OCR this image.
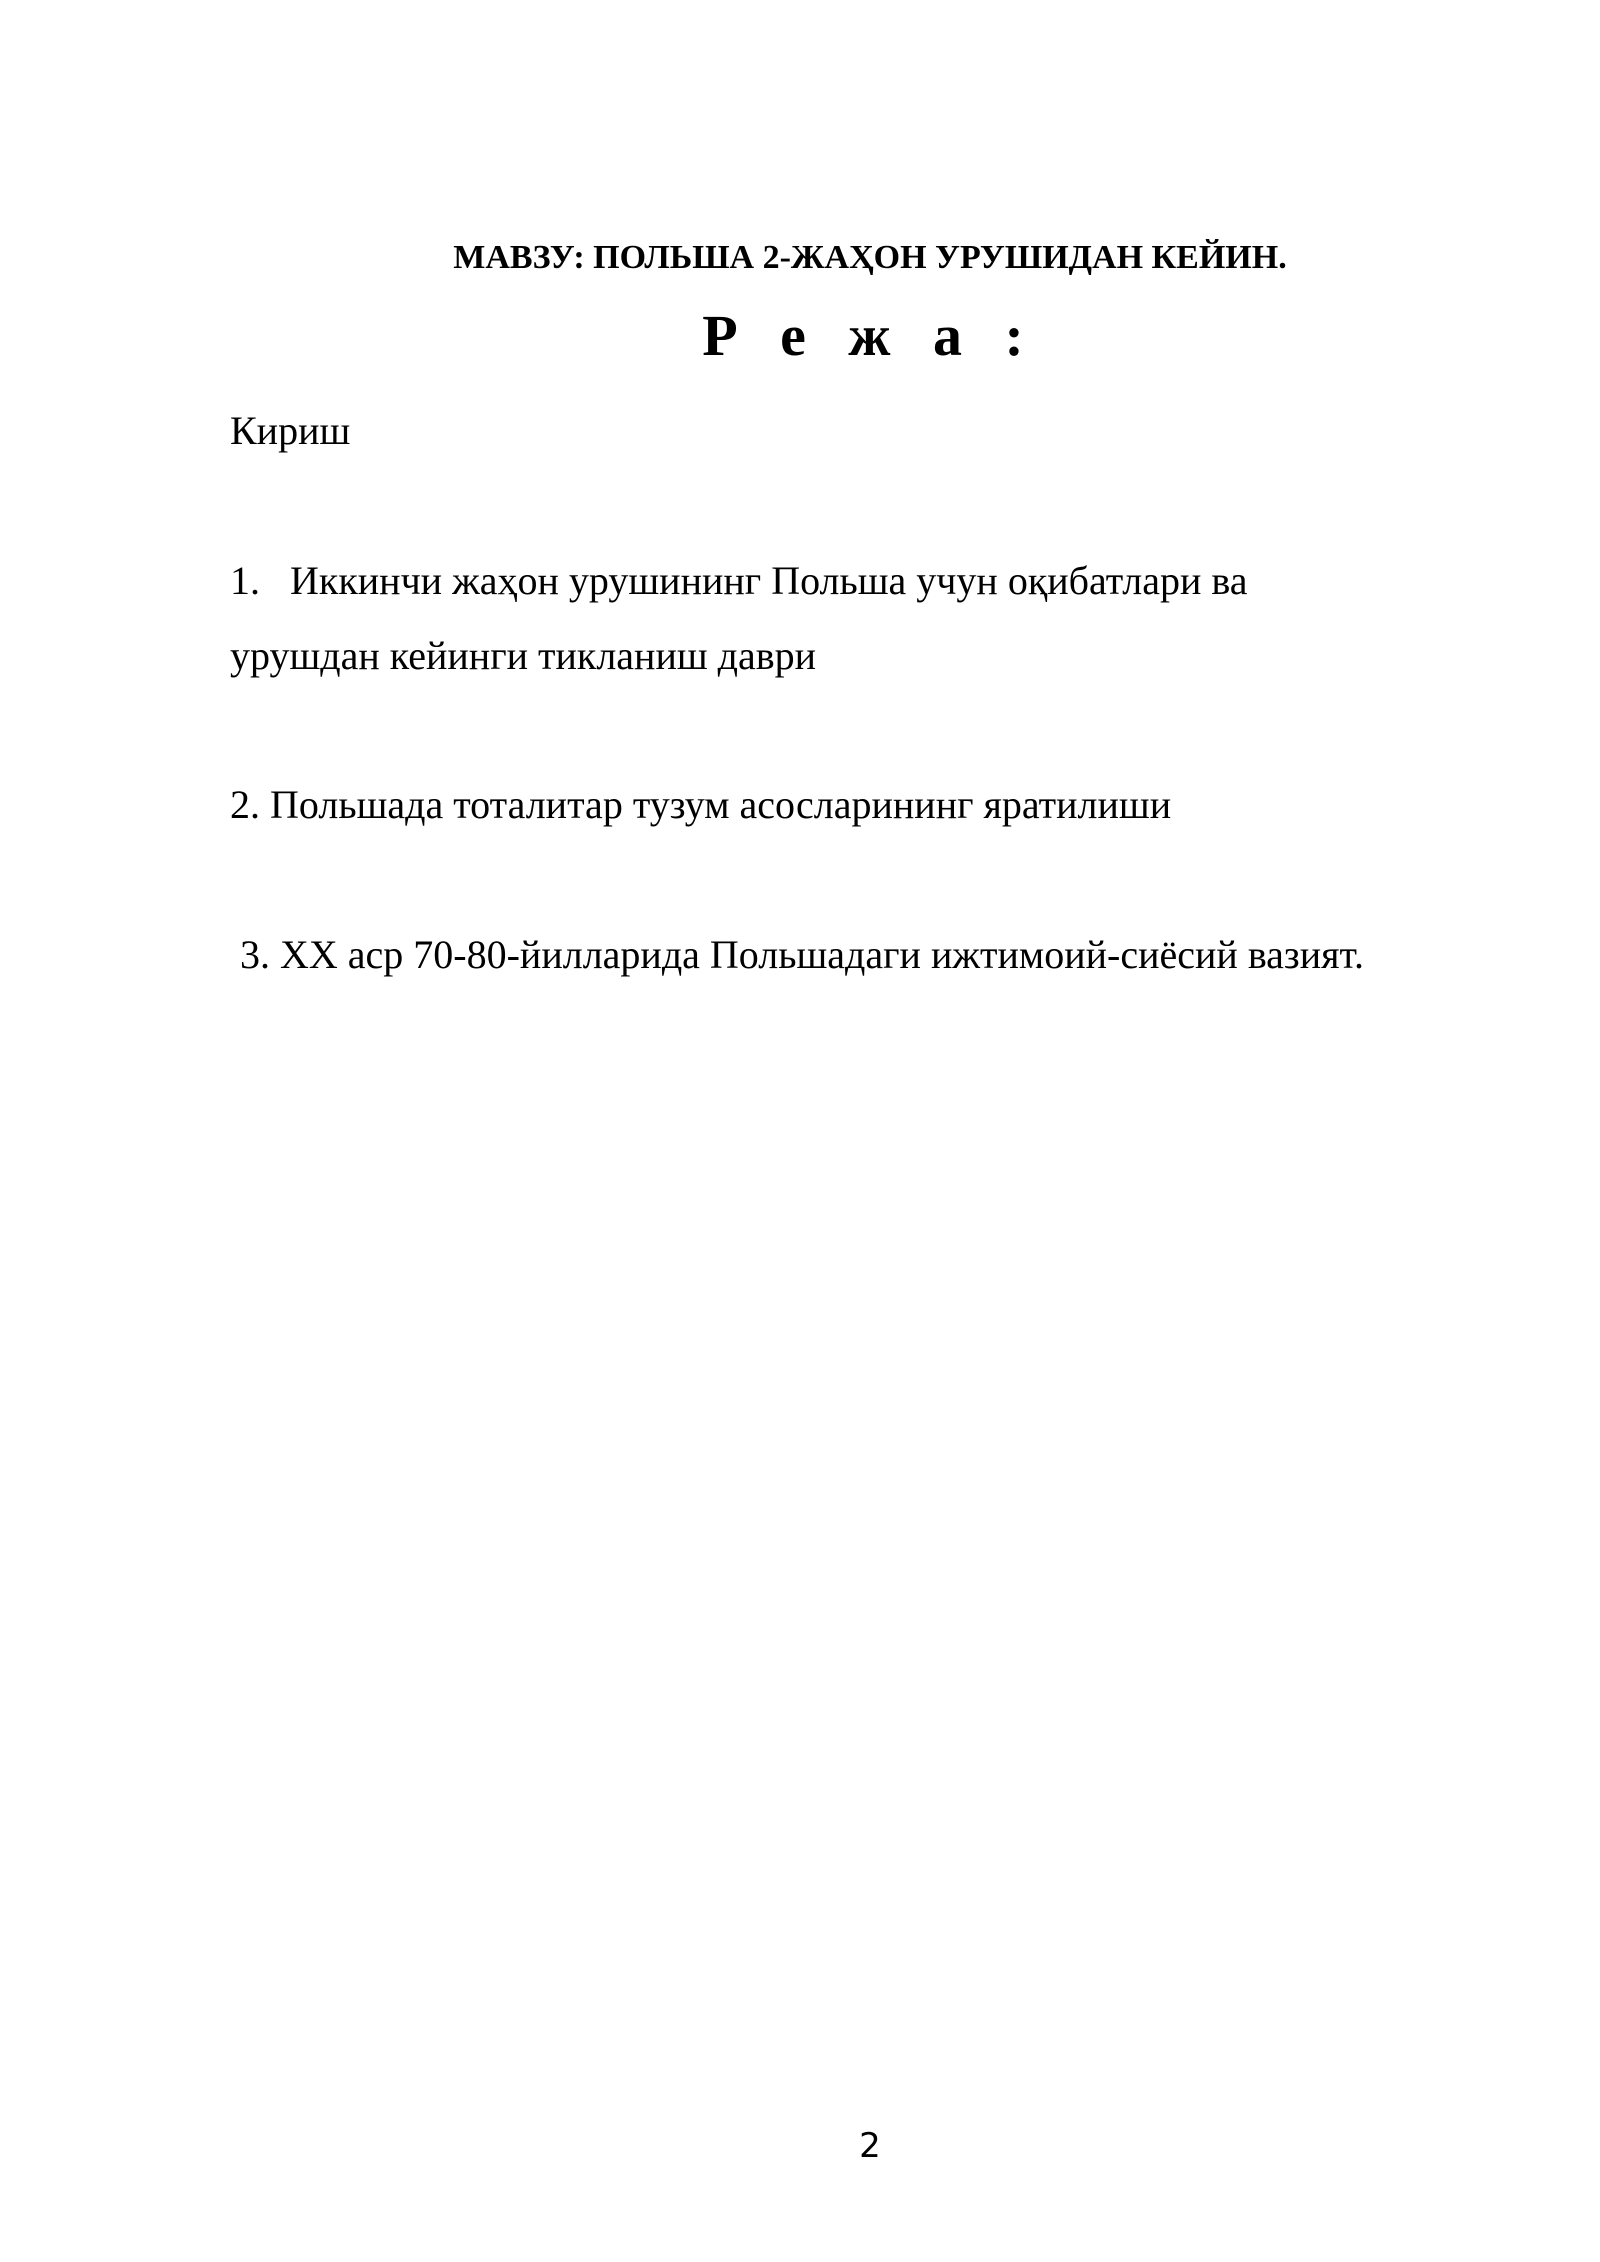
МАВЗУ: ПОЛЬША 2-ЖАҲОН УРУШИДАН КЕЙИН.
Р е ж а :
Кириш
1. Иккинчи жаҳон урушининг Польша учун оқибатлари ва
урушдан кейинги тикланиш даври
2. Польшада тоталитар тузум асосларининг яратилиши
3. XX аср 70-80-йилларида Польшадаги ижтимоий-сиёсий вазият.
2
